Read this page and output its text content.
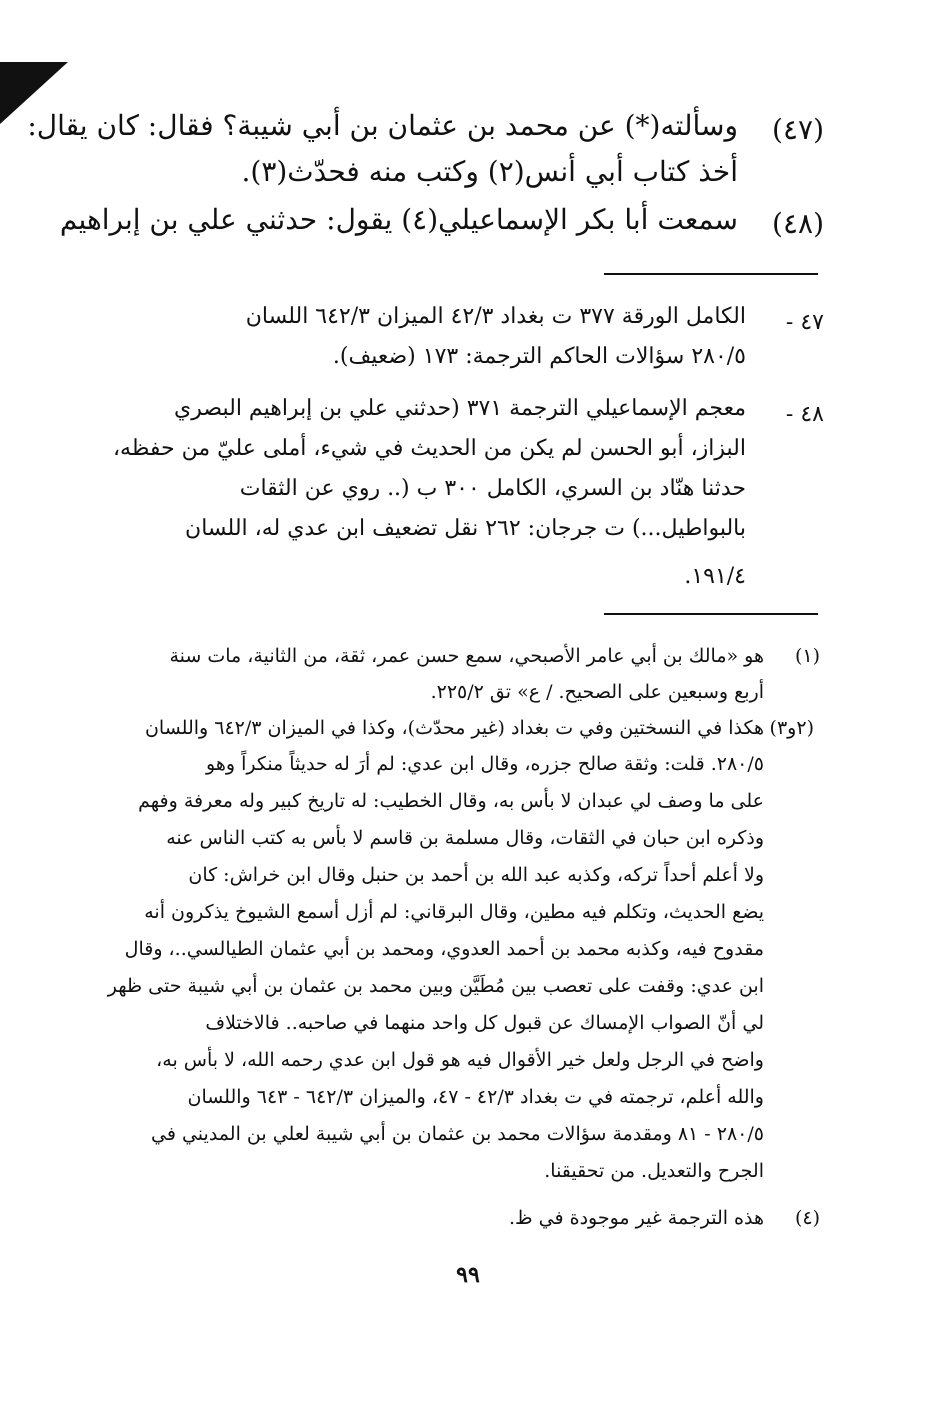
(٤٧)
وسألته(*) عن محمد بن عثمان بن أبي شيبة؟ فقال: كان يقال:
أخذ كتاب أبي أنس(٢) وكتب منه فحدّث(٣).
(٤٨)
سمعت أبا بكر الإسماعيلي(٤) يقول: حدثني علي بن إبراهيم
٤٧ -
الكامل الورقة ٣٧٧ ت بغداد ٤٢/٣ الميزان ٦٤٢/٣ اللسان
٢٨٠/٥ سؤالات الحاكم الترجمة: ١٧٣ (ضعيف).
٤٨ -
معجم الإسماعيلي الترجمة ٣٧١ (حدثني علي بن إبراهيم البصري
البزاز، أبو الحسن لم يكن من الحديث في شيء، أملى عليّ من حفظه،
حدثنا هنّاد بن السري، الكامل ٣٠٠ ب (.. روي عن الثقات
بالبواطيل...) ت جرجان: ٢٦٢ نقل تضعيف ابن عدي له، اللسان
.١٩١/٤
(١)
هو «مالك بن أبي عامر الأصبحي، سمع حسن عمر، ثقة، من الثانية، مات سنة
أربع وسبعين على الصحيح. / ع» تق ٢٢٥/٢.
(٢و٣)
هكذا في النسختين وفي ت بغداد (غير محدّث)، وكذا في الميزان ٦٤٢/٣ واللسان
٢٨٠/٥. قلت: وثقة صالح جزره، وقال ابن عدي: لم أرَ له حديثاً منكراً وهو
على ما وصف لي عبدان لا بأس به، وقال الخطيب: له تاريخ كبير وله معرفة وفهم
وذكره ابن حبان في الثقات، وقال مسلمة بن قاسم لا بأس به كتب الناس عنه
ولا أعلم أحداً تركه، وكذبه عبد الله بن أحمد بن حنبل وقال ابن خراش: كان
يضع الحديث، وتكلم فيه مطين، وقال البرقاني: لم أزل أسمع الشيوخ يذكرون أنه
مقدوح فيه، وكذبه محمد بن أحمد العدوي، ومحمد بن أبي عثمان الطيالسي..، وقال
ابن عدي: وقفت على تعصب بين مُطَيَّن وبين محمد بن عثمان بن أبي شيبة حتى ظهر
لي أنّ الصواب الإمساك عن قبول كل واحد منهما في صاحبه.. فالاختلاف
واضح في الرجل ولعل خير الأقوال فيه هو قول ابن عدي رحمه الله، لا بأس به،
والله أعلم، ترجمته في ت بغداد ٤٢/٣ - ٤٧، والميزان ٦٤٢/٣ - ٦٤٣ واللسان
٢٨٠/٥ - ٨١ ومقدمة سؤالات محمد بن عثمان بن أبي شيبة لعلي بن المديني في
الجرح والتعديل. من تحقيقنا.
(٤)
هذه الترجمة غير موجودة في ظ.
٩٩
